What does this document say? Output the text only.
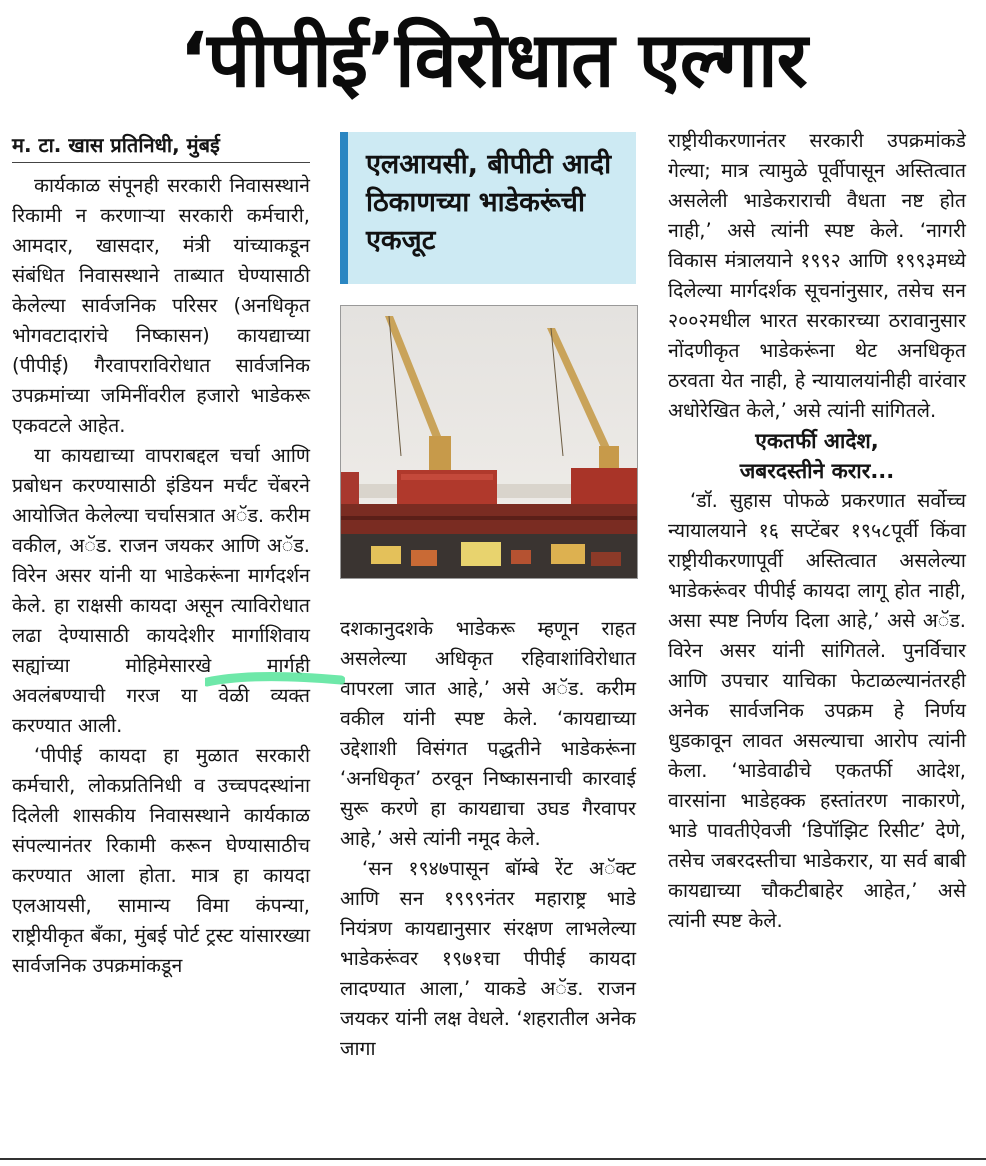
‘पीपीई’विरोधात एल्गार

म. टा. खास प्रतिनिधी, मुंबई

कार्यकाळ संपूनही सरकारी निवासस्थाने रिकामी न करणाऱ्या सरकारी कर्मचारी, आमदार, खासदार, मंत्री यांच्याकडून संबंधित निवासस्थाने ताब्यात घेण्यासाठी केलेल्या सार्वजनिक परिसर (अनधिकृत भोगवटादारांचे निष्कासन) कायद्याच्या (पीपीई) गैरवापराविरोधात सार्वजनिक उपक्रमांच्या जमिनींवरील हजारो भाडेकरू एकवटले आहेत.

या कायद्याच्या वापराबद्दल चर्चा आणि प्रबोधन करण्यासाठी इंडियन मर्चंट चेंबरने आयोजित केलेल्या चर्चासत्रात अॅड. करीम वकील, अॅड. राजन जयकर आणि अॅड. विरेन असर यांनी या भाडेकरूंना मार्गदर्शन केले. हा राक्षसी कायदा असून त्याविरोधात लढा देण्यासाठी कायदेशीर मार्गाशिवाय सह्यांच्या मोहिमेसारखे मार्गही अवलंबण्याची गरज या वेळी व्यक्त करण्यात आली.

‘पीपीई कायदा हा मुळात सरकारी कर्मचारी, लोकप्रतिनिधी व उच्चपदस्थांना दिलेली शासकीय निवासस्थाने कार्यकाळ संपल्यानंतर रिकामी करून घेण्यासाठीच करण्यात आला होता. मात्र हा कायदा एलआयसी, सामान्य विमा कंपन्या, राष्ट्रीयीकृत बँका, मुंबई पोर्ट ट्रस्ट यांसारख्या सार्वजनिक उपक्रमांकडून

एलआयसी, बीपीटी आदी ठिकाणच्या भाडेकरूंची एकजूट

दशकानुदशके भाडेकरू म्हणून राहत असलेल्या अधिकृत रहिवाशांविरोधात वापरला जात आहे,’ असे अॅड. करीम वकील यांनी स्पष्ट केले. ‘कायद्याच्या उद्देशाशी विसंगत पद्धतीने भाडेकरूंना ‘अनधिकृत’ ठरवून निष्कासनाची कारवाई सुरू करणे हा कायद्याचा उघड गैरवापर आहे,’ असे त्यांनी नमूद केले.

‘सन १९४७पासून बॉम्बे रेंट अॅक्ट आणि सन १९९९नंतर महाराष्ट्र भाडे नियंत्रण कायद्यानुसार संरक्षण लाभलेल्या भाडेकरूंवर १९७१चा पीपीई कायदा लादण्यात आला,’ याकडे अॅड. राजन जयकर यांनी लक्ष वेधले. ‘शहरातील अनेक जागा

राष्ट्रीयीकरणानंतर सरकारी उपक्रमांकडे गेल्या; मात्र त्यामुळे पूर्वीपासून अस्तित्वात असलेली भाडेकराराची वैधता नष्ट होत नाही,’ असे त्यांनी स्पष्ट केले. ‘नागरी विकास मंत्रालयाने १९९२ आणि १९९३मध्ये दिलेल्या मार्गदर्शक सूचनांनुसार, तसेच सन २००२मधील भारत सरकारच्या ठरावानुसार नोंदणीकृत भाडेकरूंना थेट अनधिकृत ठरवता येत नाही, हे न्यायालयांनीही वारंवार अधोरेखित केले,’ असे त्यांनी सांगितले.

एकतर्फी आदेश,

जबरदस्तीने करार...

‘डॉ. सुहास पोफळे प्रकरणात सर्वोच्च न्यायालयाने १६ सप्टेंबर १९५८पूर्वी किंवा राष्ट्रीयीकरणापूर्वी अस्तित्वात असलेल्या भाडेकरूंवर पीपीई कायदा लागू होत नाही, असा स्पष्ट निर्णय दिला आहे,’ असे अॅड. विरेन असर यांनी सांगितले. पुनर्विचार आणि उपचार याचिका फेटाळल्यानंतरही अनेक सार्वजनिक उपक्रम हे निर्णय धुडकावून लावत असल्याचा आरोप त्यांनी केला. ‘भाडेवाढीचे एकतर्फी आदेश, वारसांना भाडेहक्क हस्तांतरण नाकारणे, भाडे पावतीऐवजी ‘डिपॉझिट रिसीट’ देणे, तसेच जबरदस्तीचा भाडेकरार, या सर्व बाबी कायद्याच्या चौकटीबाहेर आहेत,’ असे त्यांनी स्पष्ट केले.
